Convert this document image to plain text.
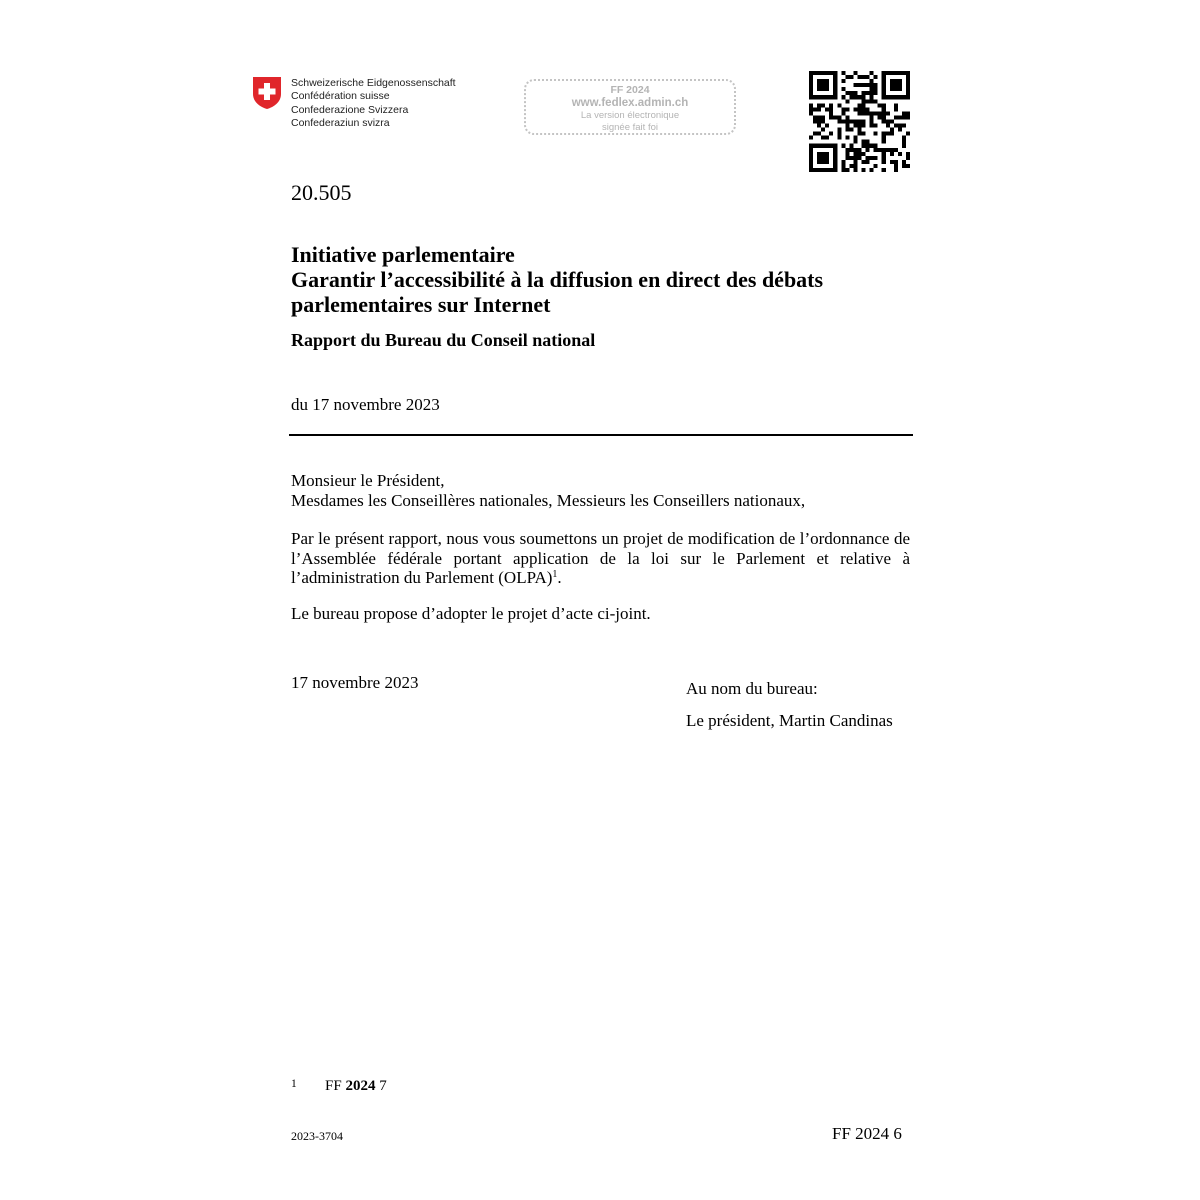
Schweizerische Eidgenossenschaft
Confédération suisse
Confederazione Svizzera
Confederaziun svizra
FF 2024
www.fedlex.admin.ch
La version électronique
signée fait foi
20.505
Initiative parlementaire
Garantir l’accessibilité à la diffusion en direct des débats
parlementaires sur Internet
Rapport du Bureau du Conseil national
du 17 novembre 2023
Monsieur le Président,
Mesdames les Conseillères nationales, Messieurs les Conseillers nationaux,
Par le présent rapport, nous vous soumettons un projet de modification de l’ordonnance de l’Assemblée fédérale portant application de la loi sur le Parlement et relative à l’administration du Parlement (OLPA)$^1$.
Le bureau propose d’adopter le projet d’acte ci-joint.
17 novembre 2023	Au nom du bureau:
Le président, Martin Candinas
1 FF 2024 7
2023-3704	FF 2024 6
